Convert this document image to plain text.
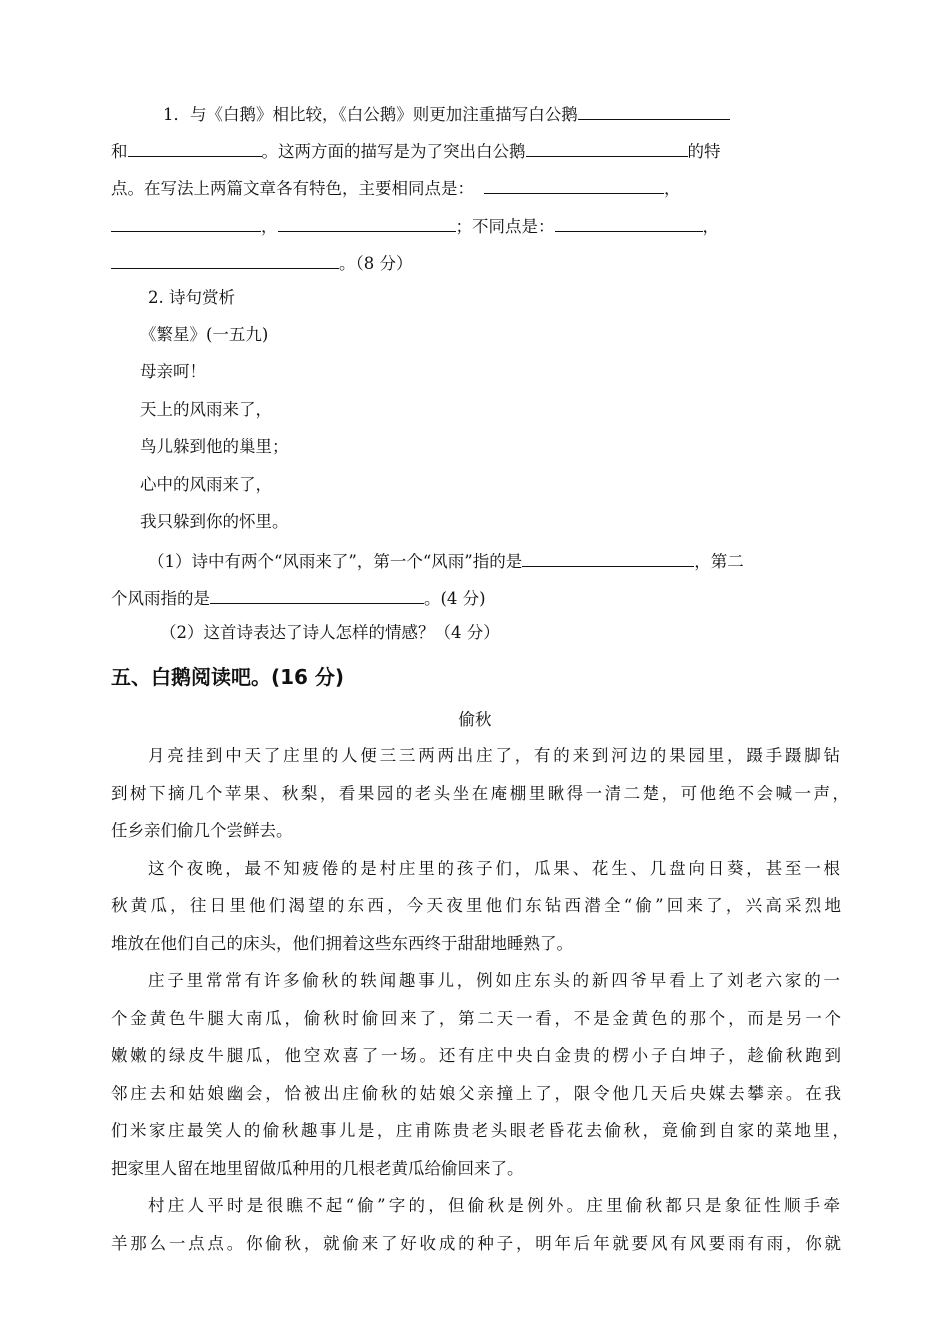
1．与《白鹅》相比较，《白公鹅》则更加注重描写白公鹅
和	。这两方面的描写是为了突出白公鹅	的特
点。在写法上两篇文章各有特色，主要相同点是：	，
，	；不同点是：	，
。（8 分）
2. 诗句赏析
《繁星》(一五九)
母亲呵！
天上的风雨来了，
鸟儿躲到他的巢里；
心中的风雨来了，
我只躲到你的怀里。
（1）诗中有两个“风雨来了”，第一个“风雨”指的是	，第二
个风雨指的是	。(4 分)
（2）这首诗表达了诗人怎样的情感？（4 分）
五、白鹅阅读吧。(16 分)
偷秋
月亮挂到中天了庄里的人便三三两两出庄了，有的来到河边的果园里，蹑手蹑脚钻
到树下摘几个苹果、秋梨，看果园的老头坐在庵棚里瞅得一清二楚，可他绝不会喊一声，
任乡亲们偷几个尝鲜去。
这个夜晚，最不知疲倦的是村庄里的孩子们，瓜果、花生、几盘向日葵，甚至一根
秋黄瓜，往日里他们渴望的东西，今天夜里他们东钻西潜全“偷”回来了，兴高采烈地
堆放在他们自己的床头，他们拥着这些东西终于甜甜地睡熟了。
庄子里常常有许多偷秋的轶闻趣事儿，例如庄东头的新四爷早看上了刘老六家的一
个金黄色牛腿大南瓜，偷秋时偷回来了，第二天一看，不是金黄色的那个，而是另一个
嫩嫩的绿皮牛腿瓜，他空欢喜了一场。还有庄中央白金贵的楞小子白坤子，趁偷秋跑到
邻庄去和姑娘幽会，恰被出庄偷秋的姑娘父亲撞上了，限令他几天后央媒去攀亲。在我
们米家庄最笑人的偷秋趣事儿是，庄甫陈贵老头眼老昏花去偷秋，竟偷到自家的菜地里，
把家里人留在地里留做瓜种用的几根老黄瓜给偷回来了。
村庄人平时是很瞧不起“偷”字的，但偷秋是例外。庄里偷秋都只是象征性顺手牵
羊那么一点点。你偷秋，就偷来了好收成的种子，明年后年就要风有风要雨有雨，你就
